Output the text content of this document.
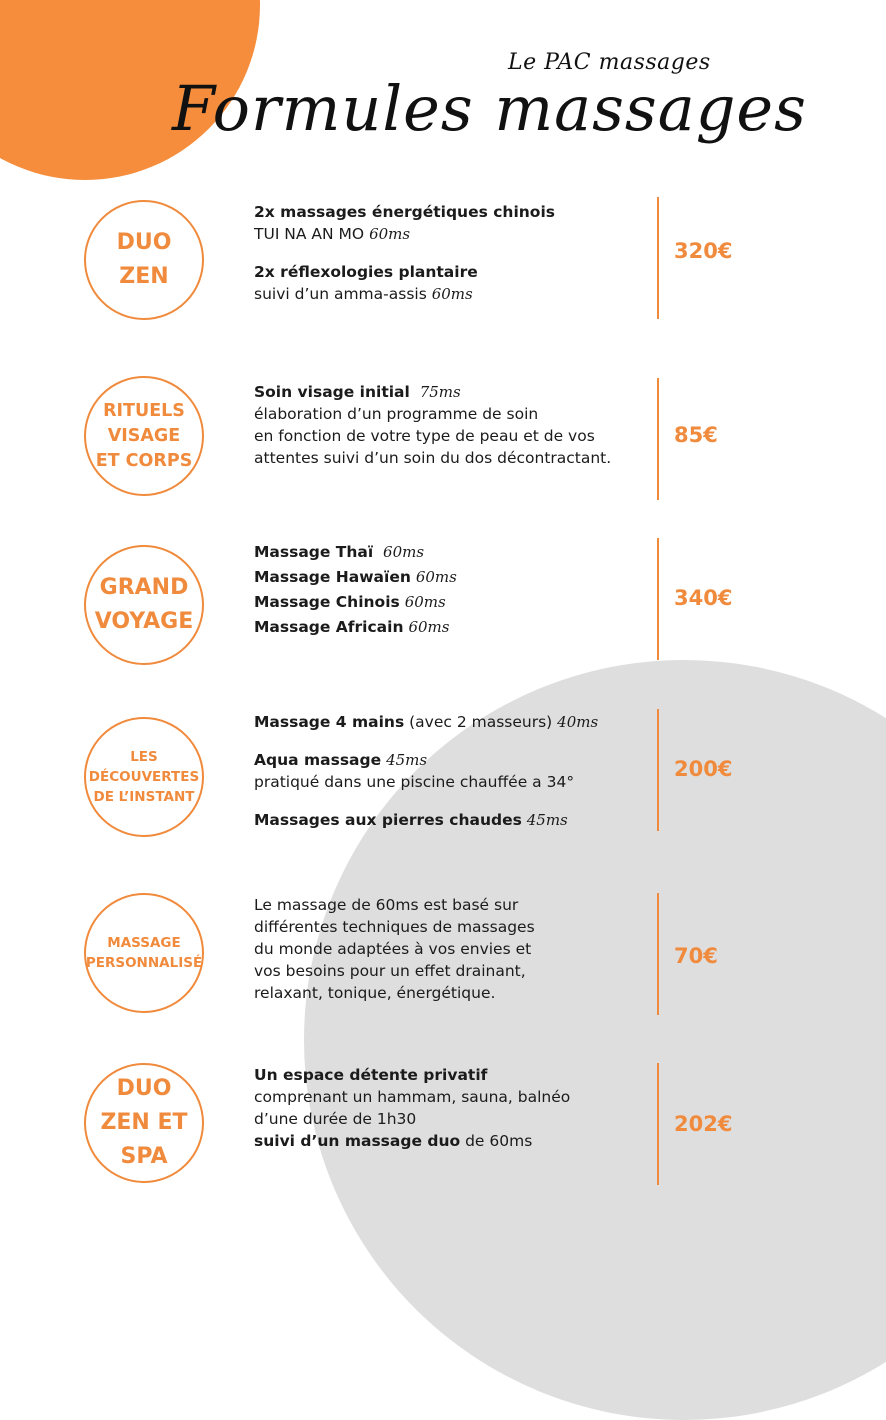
Le PAC massages
Formules massages
DUO
ZEN
2x massages énergétiques chinois
TUI NA AN MO 60ms
2x réflexologies plantaire
suivi d’un amma-assis 60ms
320€
RITUELS
VISAGE
ET CORPS
Soin visage initial 75ms
élaboration d’un programme de soin
en fonction de votre type de peau et de vos
attentes suivi d’un soin du dos décontractant.
85€
GRAND
VOYAGE
Massage Thaï 60ms
Massage Hawaïen 60ms
Massage Chinois 60ms
Massage Africain 60ms
340€
LES
DÉCOUVERTES
DE L’INSTANT
Massage 4 mains (avec 2 masseurs) 40ms
Aqua massage 45ms
pratiqué dans une piscine chauffée a 34°
Massages aux pierres chaudes 45ms
200€
MASSAGE
PERSONNALISÉ
Le massage de 60ms est basé sur
différentes techniques de massages
du monde adaptées à vos envies et
vos besoins pour un effet drainant,
relaxant, tonique, énergétique.
70€
DUO
ZEN ET SPA
Un espace détente privatif
comprenant un hammam, sauna, balnéo
d’une durée de 1h30
suivi d’un massage duo de 60ms
202€
